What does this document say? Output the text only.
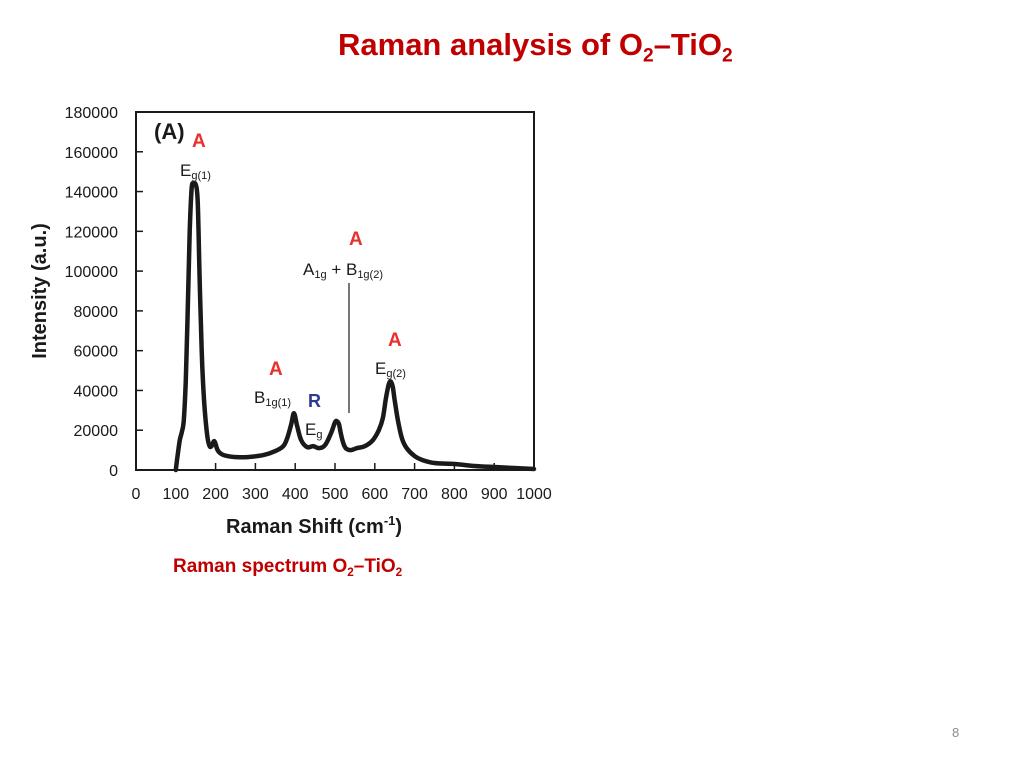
Raman analysis of $O_2-TiO_2$
0
20000
40000
60000
80000
100000
120000
140000
160000
180000
0 100 200 300 400 500 600 700 800 900 1000
(A) A
Eg(1)
A
A1g + B1g(2)
A
Eg(2)
A
B1g(1) R
Eg
Raman Shift $(cm^{-1})$
Intensity (a.u.)
Raman spectrum $O_2-TiO_2$
8
